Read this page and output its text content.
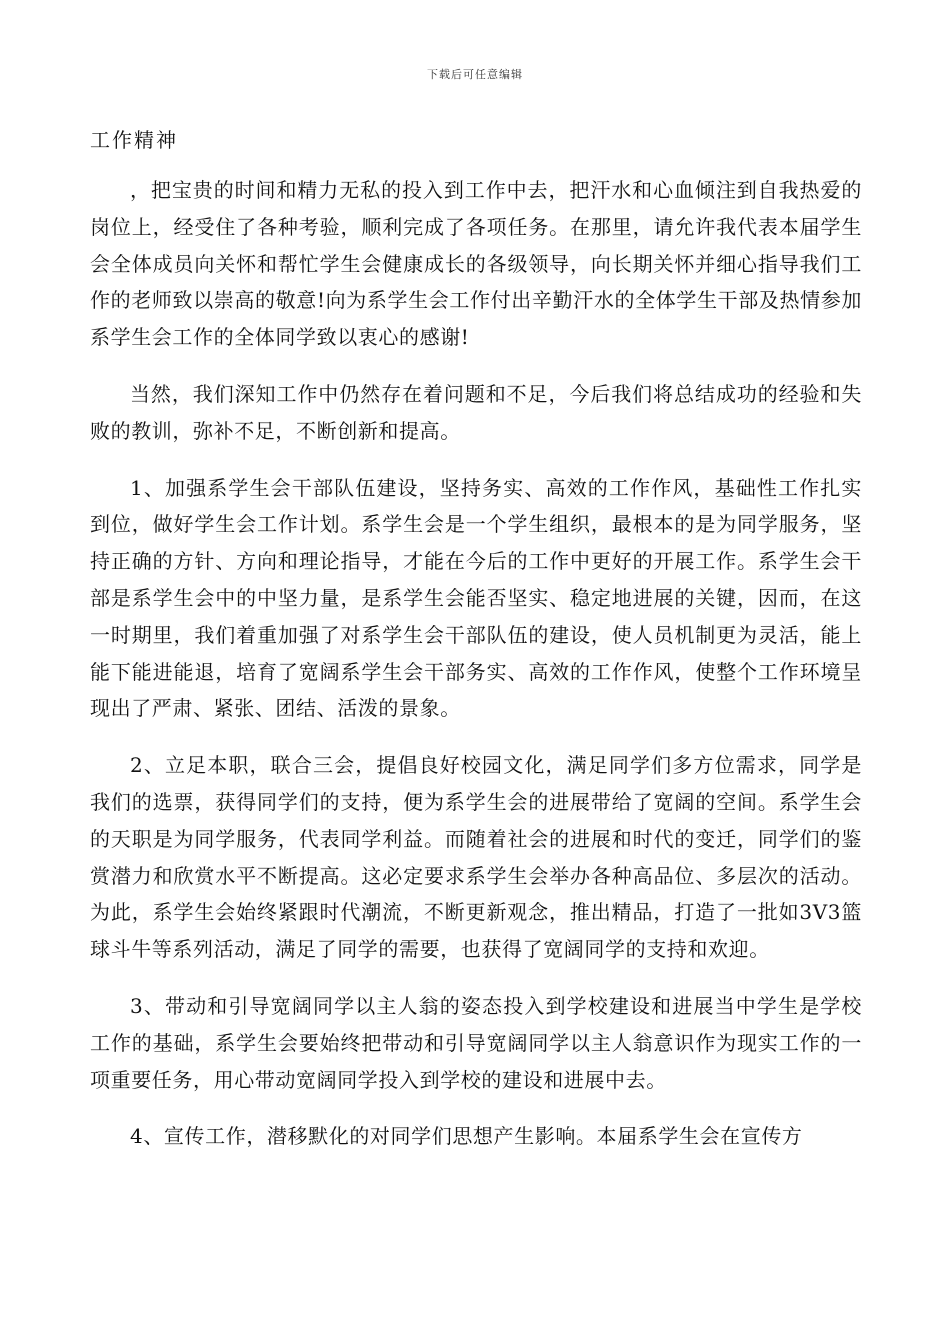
下载后可任意编辑
工作精神

，把宝贵的时间和精力无私的投入到工作中去，把汗水和心血倾注到自我热爱的岗位上，经受住了各种考验，顺利完成了各项任务。在那里，请允许我代表本届学生会全体成员向关怀和帮忙学生会健康成长的各级领导，向长期关怀并细心指导我们工作的老师致以崇高的敬意!向为系学生会工作付出辛勤汗水的全体学生干部及热情参加系学生会工作的全体同学致以衷心的感谢!

当然，我们深知工作中仍然存在着问题和不足，今后我们将总结成功的经验和失败的教训，弥补不足，不断创新和提高。

1、加强系学生会干部队伍建设，坚持务实、高效的工作作风，基础性工作扎实到位，做好学生会工作计划。系学生会是一个学生组织，最根本的是为同学服务，坚持正确的方针、方向和理论指导，才能在今后的工作中更好的开展工作。系学生会干部是系学生会中的中坚力量，是系学生会能否坚实、稳定地进展的关键，因而，在这一时期里，我们着重加强了对系学生会干部队伍的建设，使人员机制更为灵活，能上能下能进能退，培育了宽阔系学生会干部务实、高效的工作作风，使整个工作环境呈现出了严肃、紧张、团结、活泼的景象。

2、立足本职，联合三会，提倡良好校园文化，满足同学们多方位需求，同学是我们的选票，获得同学们的支持，便为系学生会的进展带给了宽阔的空间。系学生会的天职是为同学服务，代表同学利益。而随着社会的进展和时代的变迁，同学们的鉴赏潜力和欣赏水平不断提高。这必定要求系学生会举办各种高品位、多层次的活动。为此，系学生会始终紧跟时代潮流，不断更新观念，推出精品，打造了一批如3V3篮球斗牛等系列活动，满足了同学的需要，也获得了宽阔同学的支持和欢迎。

3、带动和引导宽阔同学以主人翁的姿态投入到学校建设和进展当中学生是学校工作的基础，系学生会要始终把带动和引导宽阔同学以主人翁意识作为现实工作的一项重要任务，用心带动宽阔同学投入到学校的建设和进展中去。

4、宣传工作，潜移默化的对同学们思想产生影响。本届系学生会在宣传方
